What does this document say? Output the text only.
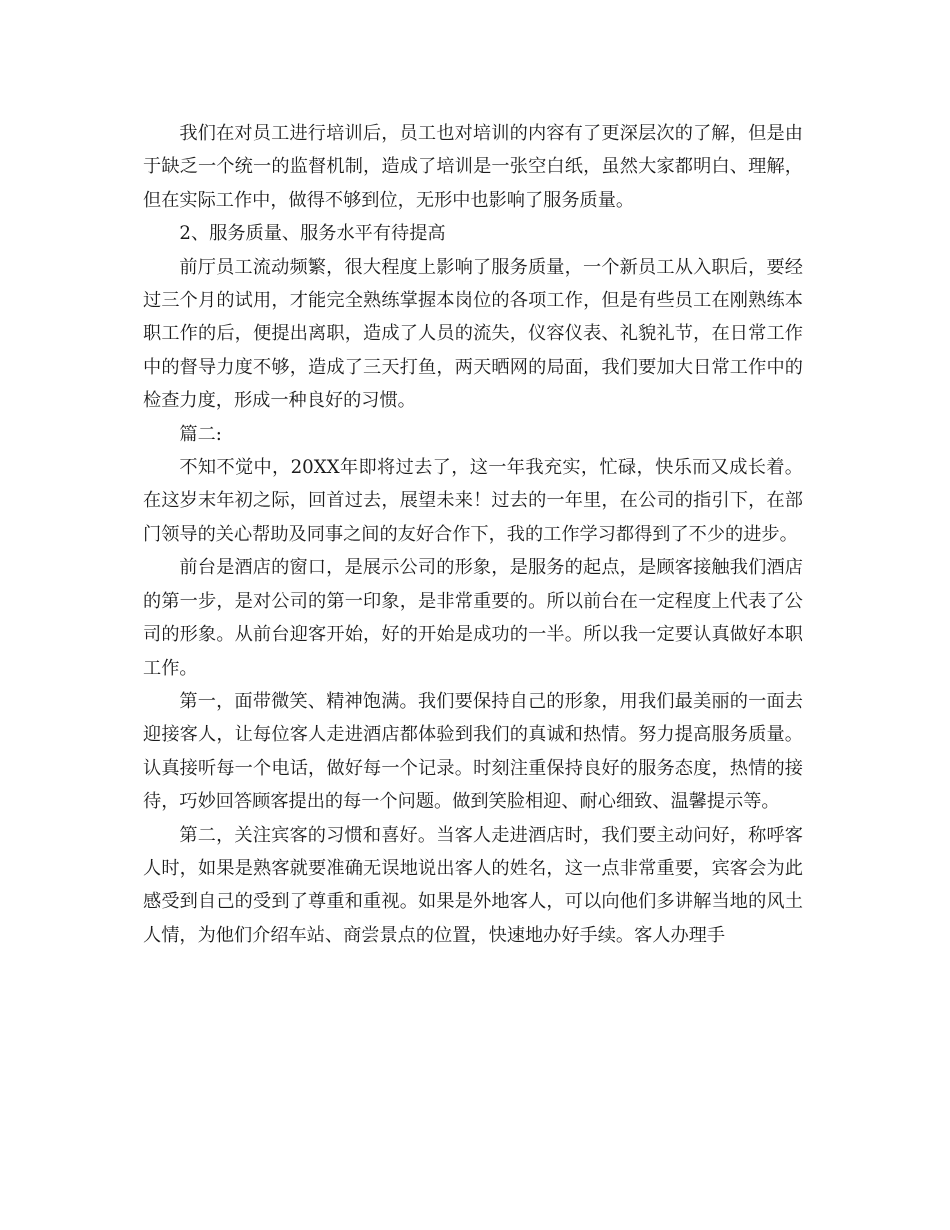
我们在对员工进行培训后，员工也对培训的内容有了更深层次的了解，但是由于缺乏一个统一的监督机制，造成了培训是一张空白纸，虽然大家都明白、理解，但在实际工作中，做得不够到位，无形中也影响了服务质量。

2、服务质量、服务水平有待提高

前厅员工流动频繁，很大程度上影响了服务质量，一个新员工从入职后，要经过三个月的试用，才能完全熟练掌握本岗位的各项工作，但是有些员工在刚熟练本职工作的后，便提出离职，造成了人员的流失，仪容仪表、礼貌礼节，在日常工作中的督导力度不够，造成了三天打鱼，两天晒网的局面，我们要加大日常工作中的检查力度，形成一种良好的习惯。

篇二:

不知不觉中，20XX年即将过去了，这一年我充实，忙碌，快乐而又成长着。在这岁末年初之际，回首过去，展望未来！过去的一年里，在公司的指引下，在部门领导的关心帮助及同事之间的友好合作下，我的工作学习都得到了不少的进步。

前台是酒店的窗口，是展示公司的形象，是服务的起点，是顾客接触我们酒店的第一步，是对公司的第一印象，是非常重要的。所以前台在一定程度上代表了公司的形象。从前台迎客开始，好的开始是成功的一半。所以我一定要认真做好本职工作。

第一，面带微笑、精神饱满。我们要保持自己的形象，用我们最美丽的一面去迎接客人，让每位客人走进酒店都体验到我们的真诚和热情。努力提高服务质量。认真接听每一个电话，做好每一个记录。时刻注重保持良好的服务态度，热情的接待，巧妙回答顾客提出的每一个问题。做到笑脸相迎、耐心细致、温馨提示等。

第二，关注宾客的习惯和喜好。当客人走进酒店时，我们要主动问好，称呼客人时，如果是熟客就要准确无误地说出客人的姓名，这一点非常重要，宾客会为此感受到自己的受到了尊重和重视。如果是外地客人，可以向他们多讲解当地的风土人情，为他们介绍车站、商尝景点的位置，快速地办好手续。客人办理手
